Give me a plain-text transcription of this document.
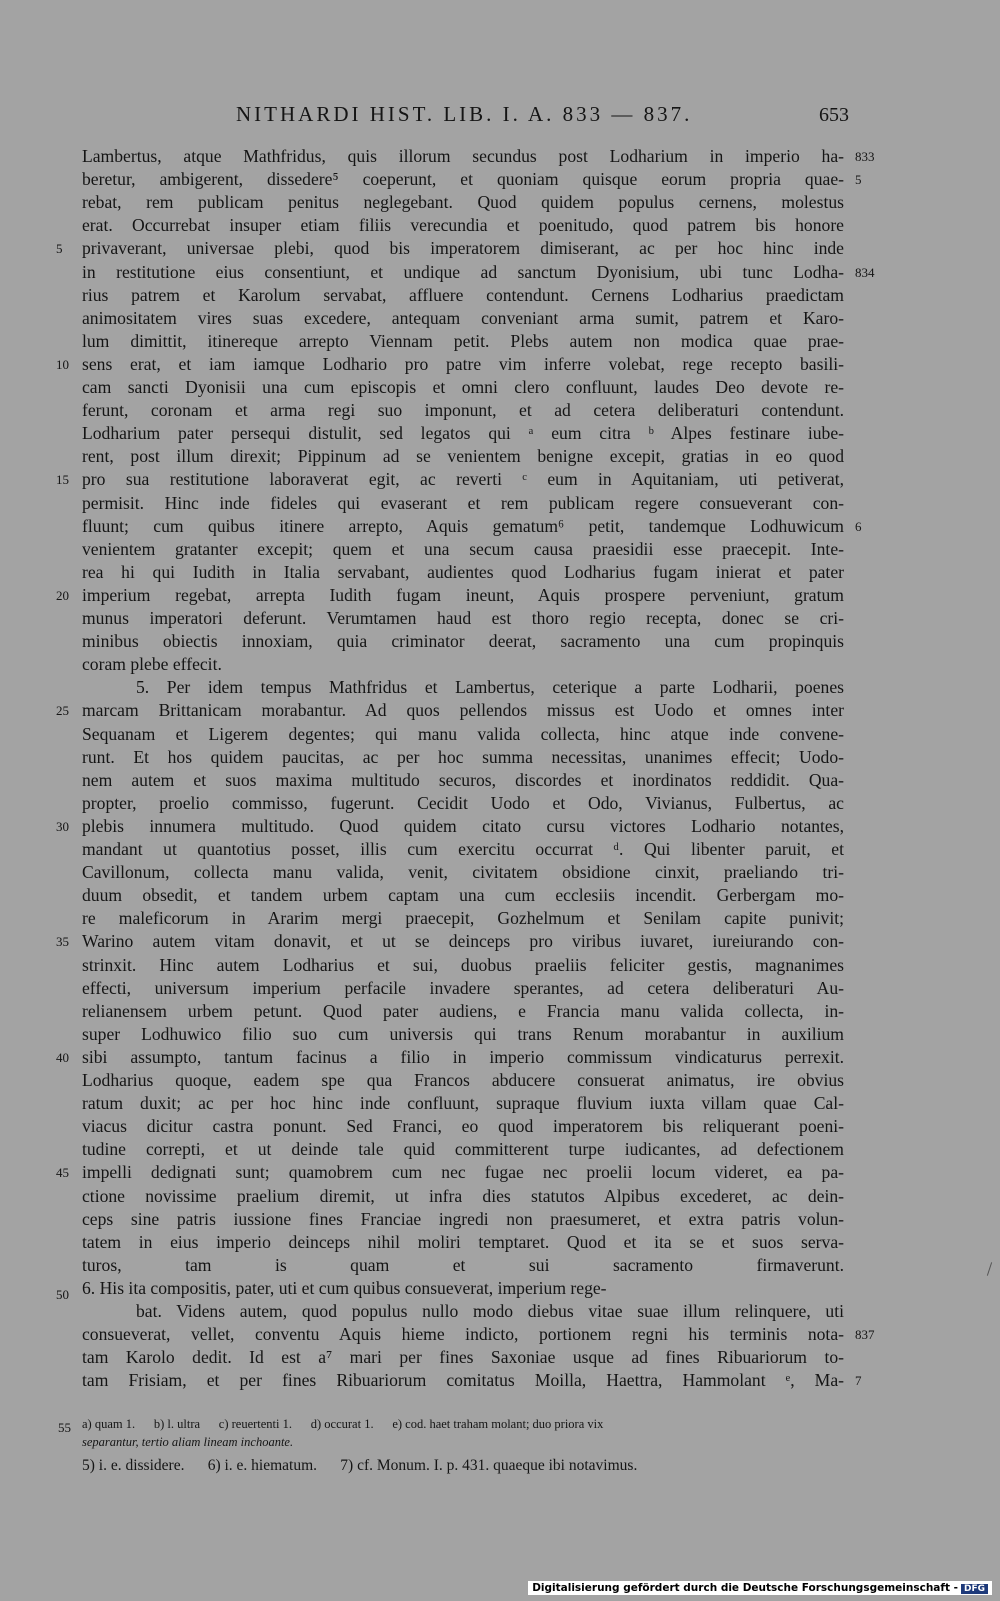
NITHARDI HIST. LIB. I. A. 833 — 837.	653
Lambertus, atque Mathfridus, quis illorum secundus post Lodharium in imperio ha-
beretur, ambigerent, dissedere⁵ coeperunt, et quoniam quisque eorum propria quae-
rebat, rem publicam penitus neglegebant. Quod quidem populus cernens, molestus
erat. Occurrebat insuper etiam filiis verecundia et poenitudo, quod patrem bis honore
privaverant, universae plebi, quod bis imperatorem dimiserant, ac per hoc hinc inde
in restitutione eius consentiunt, et undique ad sanctum Dyonisium, ubi tunc Lodha-
rius patrem et Karolum servabat, affluere contendunt. Cernens Lodharius praedictam
animositatem vires suas excedere, antequam conveniant arma sumit, patrem et Karo-
lum dimittit, itinereque arrepto Viennam petit. Plebs autem non modica quae prae-
sens erat, et iam iamque Lodhario pro patre vim inferre volebat, rege recepto basili-
cam sancti Dyonisii una cum episcopis et omni clero confluunt, laudes Deo devote re-
ferunt, coronam et arma regi suo imponunt, et ad cetera deliberaturi contendunt.
Lodharium pater persequi distulit, sed legatos qui ᵃ eum citra ᵇ Alpes festinare iube-
rent, post illum direxit; Pippinum ad se venientem benigne excepit, gratias in eo quod
pro sua restitutione laboraverat egit, ac reverti ᶜ eum in Aquitaniam, uti petiverat,
permisit. Hinc inde fideles qui evaserant et rem publicam regere consueverant con-
fluunt; cum quibus itinere arrepto, Aquis gematum⁶ petit, tandemque Lodhuwicum
venientem gratanter excepit; quem et una secum causa praesidii esse praecepit. Inte-
rea hi qui Iudith in Italia servabant, audientes quod Lodharius fugam inierat et pater
imperium regebat, arrepta Iudith fugam ineunt, Aquis prospere perveniunt, gratum
munus imperatori deferunt. Verumtamen haud est thoro regio recepta, donec se cri-
minibus obiectis innoxiam, quia criminator deerat, sacramento una cum propinquis
coram plebe effecit.
5. Per idem tempus Mathfridus et Lambertus, ceterique a parte Lodharii, poenes
marcam Brittanicam morabantur. Ad quos pellendos missus est Uodo et omnes inter
Sequanam et Ligerem degentes; qui manu valida collecta, hinc atque inde convene-
runt. Et hos quidem paucitas, ac per hoc summa necessitas, unanimes effecit; Uodo-
nem autem et suos maxima multitudo securos, discordes et inordinatos reddidit. Qua-
propter, proelio commisso, fugerunt. Cecidit Uodo et Odo, Vivianus, Fulbertus, ac
plebis innumera multitudo. Quod quidem citato cursu victores Lodhario notantes,
mandant ut quantotius posset, illis cum exercitu occurrat ᵈ. Qui libenter paruit, et
Cavillonum, collecta manu valida, venit, civitatem obsidione cinxit, praeliando tri-
duum obsedit, et tandem urbem captam una cum ecclesiis incendit. Gerbergam mo-
re maleficorum in Ararim mergi praecepit, Gozhelmum et Senilam capite punivit;
Warino autem vitam donavit, et ut se deinceps pro viribus iuvaret, iureiurando con-
strinxit. Hinc autem Lodharius et sui, duobus praeliis feliciter gestis, magnanimes
effecti, universum imperium perfacile invadere sperantes, ad cetera deliberaturi Au-
relianensem urbem petunt. Quod pater audiens, e Francia manu valida collecta, in-
super Lodhuwico filio suo cum universis qui trans Renum morabantur in auxilium
sibi assumpto, tantum facinus a filio in imperio commissum vindicaturus perrexit.
Lodharius quoque, eadem spe qua Francos abducere consuerat animatus, ire obvius
ratum duxit; ac per hoc hinc inde confluunt, supraque fluvium iuxta villam quae Cal-
viacus dicitur castra ponunt. Sed Franci, eo quod imperatorem bis reliquerant poeni-
tudine correpti, et ut deinde tale quid committerent turpe iudicantes, ad defectionem
impelli dedignati sunt; quamobrem cum nec fugae nec proelii locum videret, ea pa-
ctione novissime praelium diremit, ut infra dies statutos Alpibus excederet, ac dein-
ceps sine patris iussione fines Franciae ingredi non praesumeret, et extra patris volun-
tatem in eius imperio deinceps nihil moliri temptaret. Quod et ita se et suos serva-
turos, tam is quam et sui sacramento firmaverunt.
6. His ita compositis, pater, uti et cum quibus consueverat, imperium rege-
bat. Videns autem, quod populus nullo modo diebus vitae suae illum relinquere, uti
consueverat, vellet, conventu Aquis hieme indicto, portionem regni his terminis nota-
tam Karolo dedit. Id est a⁷ mari per fines Saxoniae usque ad fines Ribuariorum to-
tam Frisiam, et per fines Ribuariorum comitatus Moilla, Haettra, Hammolant ᵉ, Ma-
5
10
15
20
25
30
35
40
45
50
833
5
834
6
837
7
55 a) quam 1.      b) l. ultra      c) reuertenti 1.      d) occurat 1.      e) cod. haet traham molant; duo priora vix
separantur, tertio aliam lineam inchoante.
5) i. e. dissidere.      6) i. e. hiematum.      7) cf. Monum. I. p. 431. quaeque ibi notavimus.
Digitalisierung gefördert durch die Deutsche Forschungsgemeinschaft - DFG
